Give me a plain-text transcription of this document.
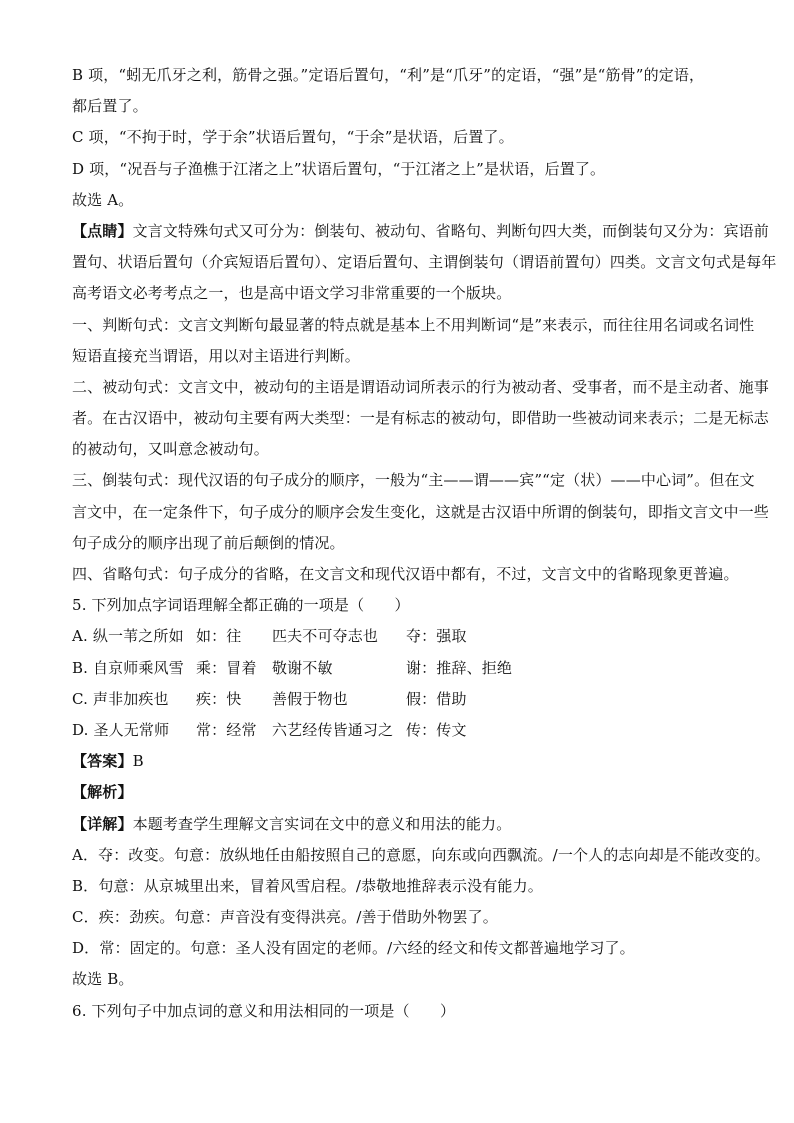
B 项，“蚓无爪牙之利，筋骨之强。”定语后置句，“利”是“爪牙”的定语，“强”是“筋骨”的定语，
都后置了。
C 项，“不拘于时，学于余”状语后置句，“于余”是状语，后置了。
D 项，“况吾与子渔樵于江渚之上”状语后置句，“于江渚之上”是状语，后置了。
故选 A。
【点睛】文言文特殊句式又可分为：倒装句、被动句、省略句、判断句四大类，而倒装句又分为：宾语前
置句、状语后置句（介宾短语后置句）、定语后置句、主谓倒装句（谓语前置句）四类。文言文句式是每年
高考语文必考考点之一，也是高中语文学习非常重要的一个版块。
一、判断句式：文言文判断句最显著的特点就是基本上不用判断词“是”来表示，而往往用名词或名词性
短语直接充当谓语，用以对主语进行判断。
二、被动句式：文言文中，被动句的主语是谓语动词所表示的行为被动者、受事者，而不是主动者、施事
者。在古汉语中，被动句主要有两大类型：一是有标志的被动句，即借助一些被动词来表示；二是无标志
的被动句，又叫意念被动句。
三、倒装句式：现代汉语的句子成分的顺序，一般为“主——谓——宾”“定（状）——中心词”。但在文
言文中，在一定条件下，句子成分的顺序会发生变化，这就是古汉语中所谓的倒装句，即指文言文中一些
句子成分的顺序出现了前后颠倒的情况。
四、省略句式：句子成分的省略，在文言文和现代汉语中都有，不过，文言文中的省略现象更普遍。
5. 下列加点字词语理解全都正确的一项是（　　）
A. 纵一苇之所如 如：往	匹夫不可夺志也	夺：强取
B. 自京师乘风雪 乘：冒着	敬谢不敏	谢：推辞、拒绝
C. 声非加疾也	疾：快	善假于物也	假：借助
D. 圣人无常师	常：经常	六艺经传皆通习之 传：传文
【答案】B
【解析】
【详解】本题考查学生理解文言实词在文中的意义和用法的能力。
A．夺：改变。句意：放纵地任由船按照自己的意愿，向东或向西飘流。/一个人的志向却是不能改变的。
B．句意：从京城里出来，冒着风雪启程。/恭敬地推辞表示没有能力。
C．疾：劲疾。句意：声音没有变得洪亮。/善于借助外物罢了。
D．常：固定的。句意：圣人没有固定的老师。/六经的经文和传文都普遍地学习了。
故选 B。
6. 下列句子中加点词的意义和用法相同的一项是（　　）
